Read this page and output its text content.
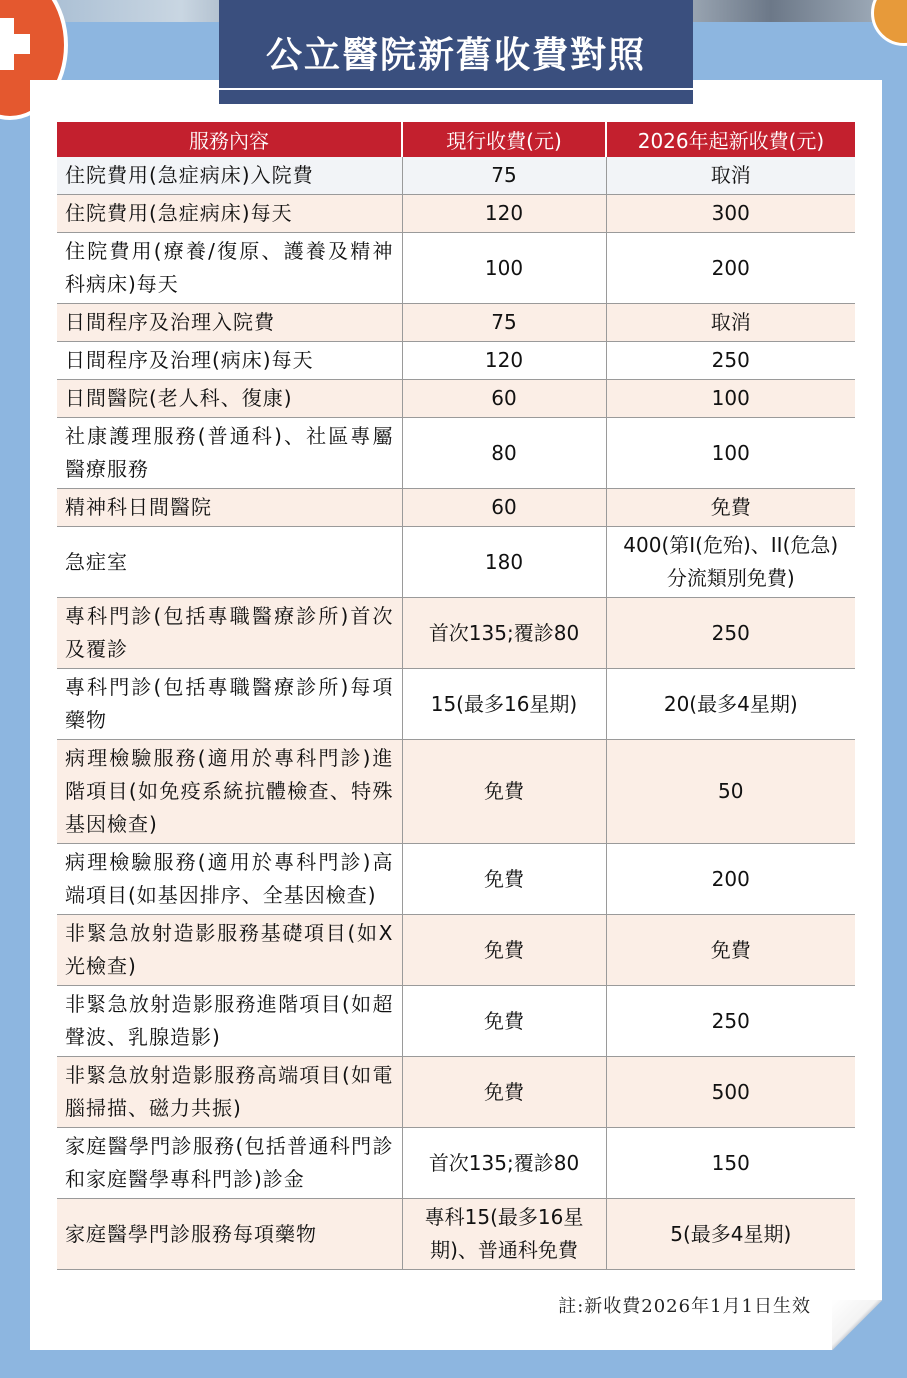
公立醫院新舊收費對照
服務內容	現行收費(元)	2026年起新收費(元)
住院費用(急症病床)入院費	75	取消
住院費用(急症病床)每天	120	300
住院費用(療養/復原、護養及精神科病床)每天	100	200
日間程序及治理入院費	75	取消
日間程序及治理(病床)每天	120	250
日間醫院(老人科、復康)	60	100
社康護理服務(普通科)、社區專屬醫療服務	80	100
精神科日間醫院	60	免費
急症室	180	400(第I(危殆)、II(危急)分流類別免費)
專科門診(包括專職醫療診所)首次及覆診	首次135;覆診80	250
專科門診(包括專職醫療診所)每項藥物	15(最多16星期)	20(最多4星期)
病理檢驗服務(適用於專科門診)進階項目(如免疫系統抗體檢查、特殊基因檢查)	免費	50
病理檢驗服務(適用於專科門診)高端項目(如基因排序、全基因檢查)	免費	200
非緊急放射造影服務基礎項目(如X光檢查)	免費	免費
非緊急放射造影服務進階項目(如超聲波、乳腺造影)	免費	250
非緊急放射造影服務高端項目(如電腦掃描、磁力共振)	免費	500
家庭醫學門診服務(包括普通科門診和家庭醫學專科門診)診金	首次135;覆診80	150
家庭醫學門診服務每項藥物	專科15(最多16星期)、普通科免費	5(最多4星期)
註:新收費2026年1月1日生效
